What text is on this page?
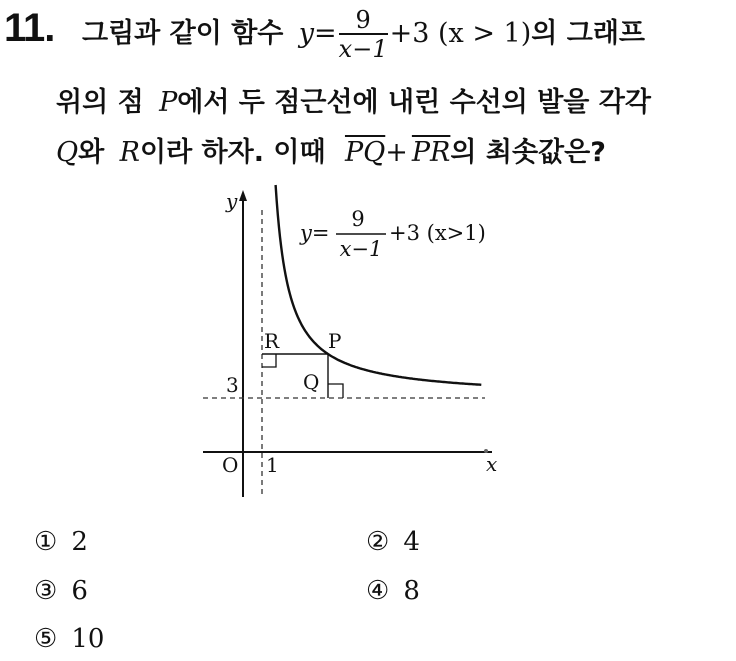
11. 그림과 같이 함수 $y= \frac{9}{x-1} +3$ (x > 1)의 그래프
위의 점 P에서 두 점근선에 내린 수선의 발을 각각
Q와 R이라 하자. 이때 $\overline{PQ}+ \overline{PR}$의 최솟값은?
y
x
O 1
3
P
R
Q
y=
9
x−1
+3 (x>1)
① 2	② 4
③ 6	④ 8
⑤ 10
